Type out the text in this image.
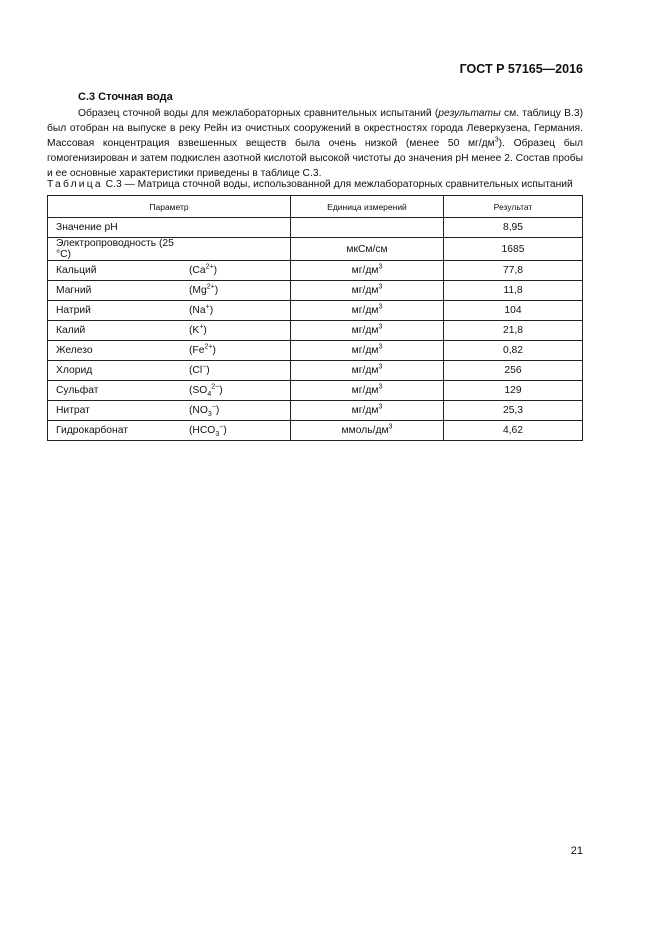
ГОСТ Р 57165—2016
С.3 Сточная вода
Образец сточной воды для межлабораторных сравнительных испытаний (результаты см. таблицу В.3) был отобран на выпуске в реку Рейн из очистных сооружений в окрестностях города Леверкузена, Германия. Массовая концентрация взвешенных веществ была очень низкой (менее 50 $мг/дм^3$). Образец был гомогенизирован и затем подкислен азотной кислотой высокой чистоты до значения pH менее 2. Состав пробы и ее основные характеристики приведены в таблице С.3.
Таблица С.3 — Матрица сточной воды, использованной для межлабораторных сравнительных испытаний
Параметр	Единица измерений	Результат
Значение pH		8,95
Электропроводность (25 °С)	мкСм/см	1685
Кальций $(Ca^{2+})$	$мг/дм^3$	77,8
Магний $(Mg^{2+})$	$мг/дм^3$	11,8
Натрий (Na+)	$мг/дм^3$	104
Калий (K+)	$мг/дм^3$	21,8
Железо $(Fe^{2+})$	$мг/дм^3$	0,82
Хлорид (Cl−)	$мг/дм^3$	256
Сульфат $(SO_4^{2-})$	$мг/дм^3$	129
Нитрат $(NO_3^-)$	$мг/дм^3$	25,3
Гидрокарбонат $(HCO_3^-)$	ммоль/$дм^3$	4,62
21
